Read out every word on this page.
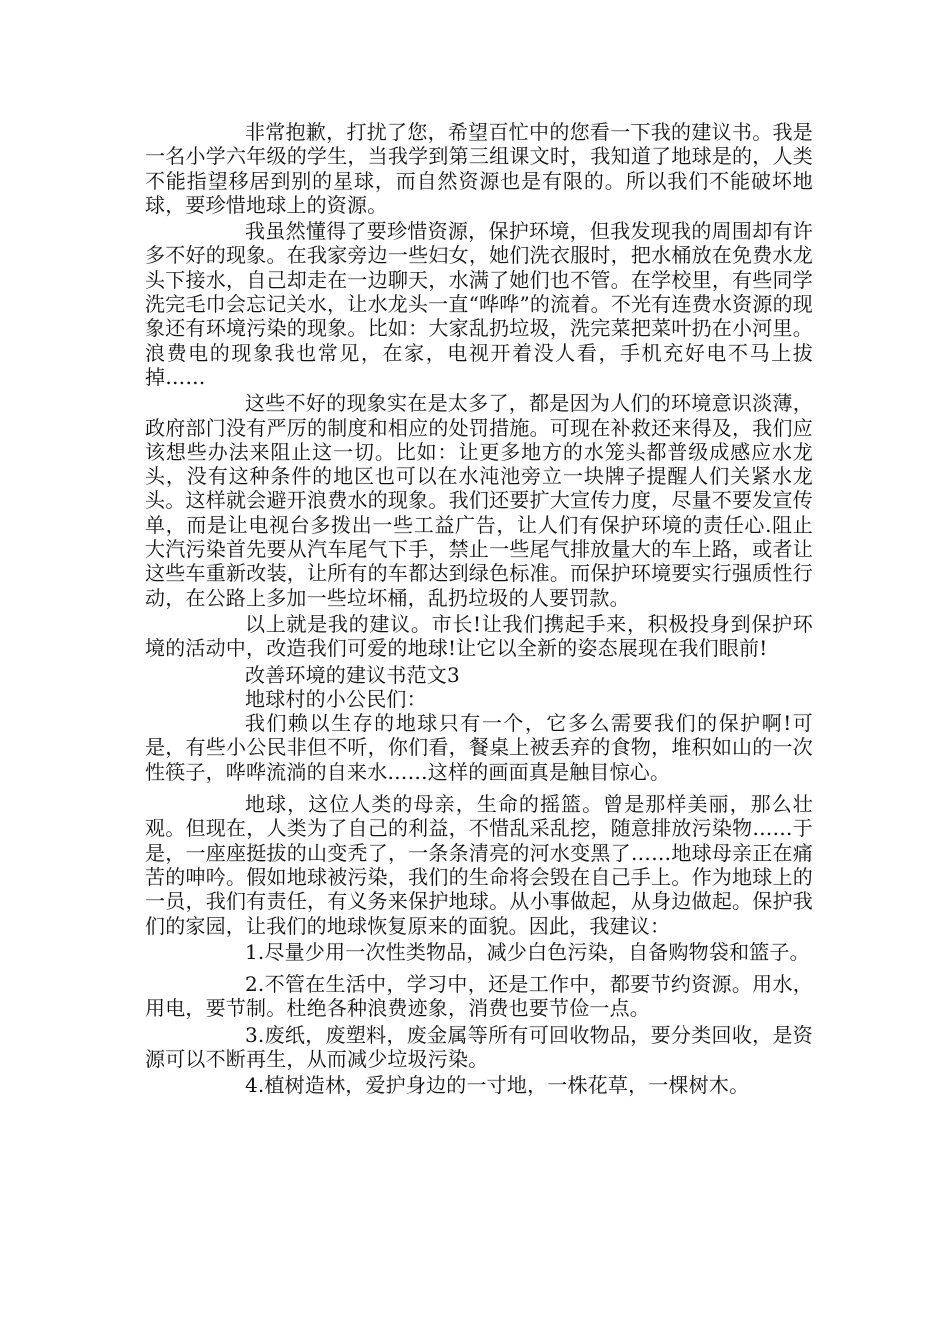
非常抱歉，打扰了您，希望百忙中的您看一下我的建议书。我是一名小学六年级的学生，当我学到第三组课文时，我知道了地球是的，人类不能指望移居到别的星球，而自然资源也是有限的。所以我们不能破坏地球，要珍惜地球上的资源。

我虽然懂得了要珍惜资源，保护环境，但我发现我的周围却有许多不好的现象。在我家旁边一些妇女，她们洗衣服时，把水桶放在免费水龙头下接水，自己却走在一边聊天，水满了她们也不管。在学校里，有些同学洗完毛巾会忘记关水，让水龙头一直“哗哗”的流着。不光有连费水资源的现象还有环境污染的现象。比如：大家乱扔垃圾，洗完菜把菜叶扔在小河里。浪费电的现象我也常见，在家，电视开着没人看，手机充好电不马上拔掉……

这些不好的现象实在是太多了，都是因为人们的环境意识淡薄，政府部门没有严厉的制度和相应的处罚措施。可现在补救还来得及，我们应该想些办法来阻止这一切。比如：让更多地方的水笼头都普级成感应水龙头，没有这种条件的地区也可以在水沌池旁立一块牌子提醒人们关紧水龙头。这样就会避开浪费水的现象。我们还要扩大宣传力度，尽量不要发宣传单，而是让电视台多拨出一些工益广告，让人们有保护环境的责任心.阻止大汽污染首先要从汽车尾气下手，禁止一些尾气排放量大的车上路，或者让这些车重新改装，让所有的车都达到绿色标准。而保护环境要实行强质性行动，在公路上多加一些垃坏桶，乱扔垃圾的人要罚款。

以上就是我的建议。市长!让我们携起手来，积极投身到保护环境的活动中，改造我们可爱的地球!让它以全新的姿态展现在我们眼前!

改善环境的建议书范文3

地球村的小公民们：

我们赖以生存的地球只有一个，它多么需要我们的保护啊!可是，有些小公民非但不听，你们看，餐桌上被丢弃的食物，堆积如山的一次性筷子，哗哗流淌的自来水……这样的画面真是触目惊心。

地球，这位人类的母亲，生命的摇篮。曾是那样美丽，那么壮观。但现在，人类为了自己的利益，不惜乱采乱挖，随意排放污染物……于是，一座座挺拔的山变秃了，一条条清亮的河水变黑了……地球母亲正在痛苦的呻吟。假如地球被污染，我们的生命将会毁在自己手上。作为地球上的一员，我们有责任，有义务来保护地球。从小事做起，从身边做起。保护我们的家园，让我们的地球恢复原来的面貌。因此，我建议：

1.尽量少用一次性类物品，减少白色污染，自备购物袋和篮子。

2.不管在生活中，学习中，还是工作中，都要节约资源。用水，用电，要节制。杜绝各种浪费迹象，消费也要节俭一点。

3.废纸，废塑料，废金属等所有可回收物品，要分类回收，是资源可以不断再生，从而减少垃圾污染。

4.植树造林，爱护身边的一寸地，一株花草，一棵树木。
